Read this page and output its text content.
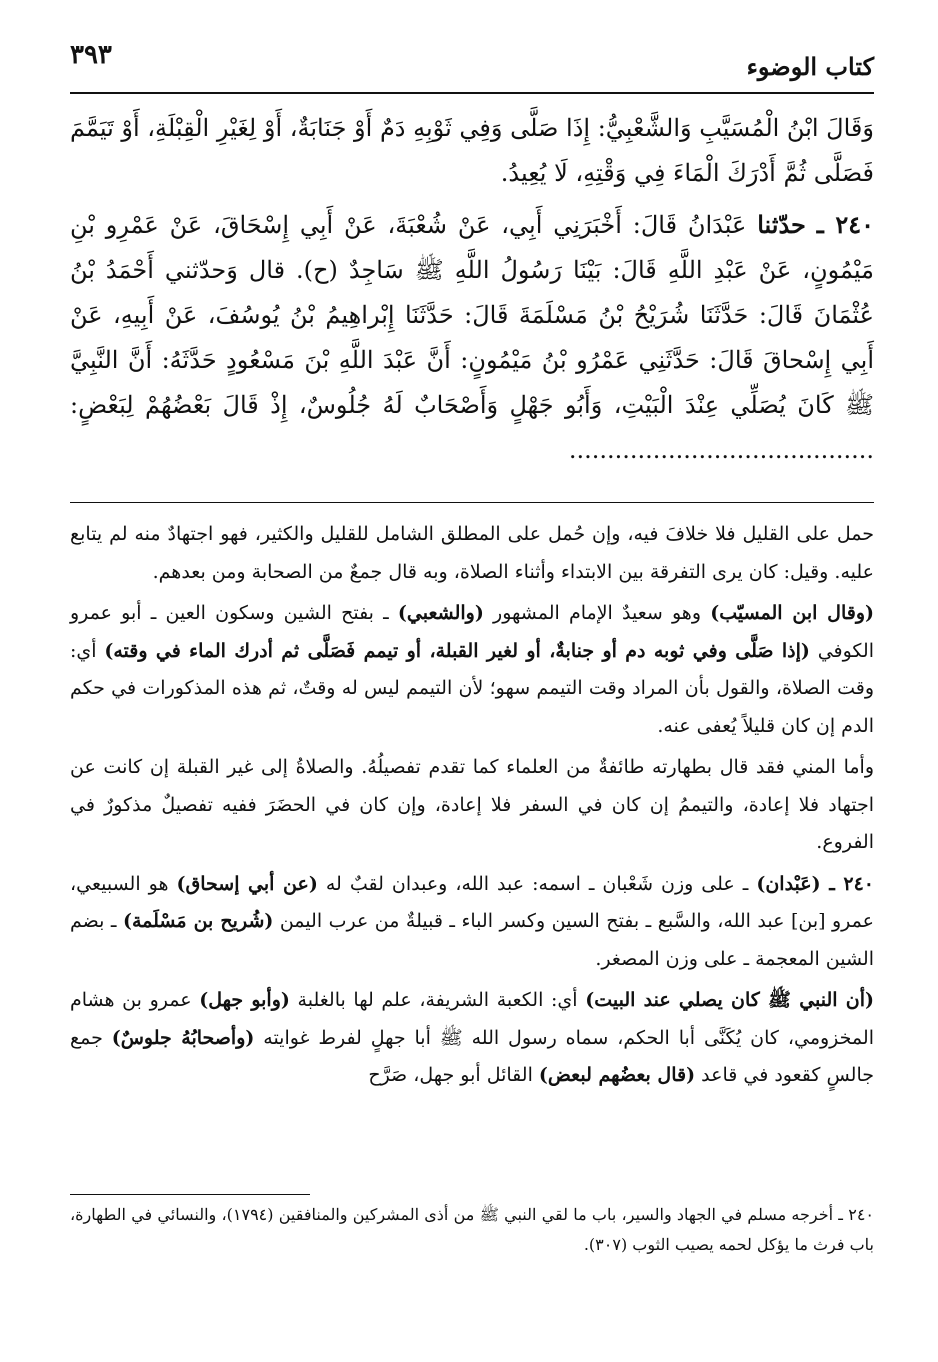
كتاب الوضوء
٣٩٣

وَقَالَ ابْنُ الْمُسَيَّبِ وَالشَّعْبِيُّ: إِذَا صَلَّى وَفِي ثَوْبِهِ دَمٌ أَوْ جَنَابَةٌ، أَوْ لِغَيْرِ الْقِبْلَةِ، أَوْ تَيَمَّمَ فَصَلَّى ثُمَّ أَدْرَكَ الْمَاءَ فِي وَقْتِهِ، لَا يُعِيدُ.

٢٤٠ ـ حدّثنا عَبْدَانُ قَالَ: أَخْبَرَنِي أَبِي، عَنْ شُعْبَةَ، عَنْ أَبِي إِسْحَاقَ، عَنْ عَمْرِو بْنِ مَيْمُونٍ، عَنْ عَبْدِ اللَّهِ قَالَ: بَيْنَا رَسُولُ اللَّهِ ﷺ سَاجِدٌ (ح). قال وَحدّثني أَحْمَدُ بْنُ عُثْمَانَ قَالَ: حَدَّثَنَا شُرَيْحُ بْنُ مَسْلَمَةَ قَالَ: حَدَّثَنَا إِبْراهِيمُ بْنُ يُوسُفَ، عَنْ أَبِيهِ، عَنْ أَبِي إِسْحاقَ قَالَ: حَدَّثَنِي عَمْرُو بْنُ مَيْمُونٍ: أَنَّ عَبْدَ اللَّهِ بْنَ مَسْعُودٍ حَدَّثَهُ: أَنَّ النَّبِيَّ ﷺ كَانَ يُصَلِّي عِنْدَ الْبَيْتِ، وَأَبُو جَهْلٍ وَأَصْحَابٌ لَهُ جُلُوسٌ، إِذْ قَالَ بَعْضُهُمْ لِبَعْضٍ: ........................................

حمل على القليل فلا خلافَ فيه، وإن حُمل على المطلق الشامل للقليل والكثير، فهو اجتهادٌ منه لم يتابع عليه. وقيل: كان يرى التفرقة بين الابتداء وأثناء الصلاة، وبه قال جمعٌ من الصحابة ومن بعدهم.

(وقال ابن المسيّب) وهو سعيدٌ الإمام المشهور (والشعبي) ـ بفتح الشين وسكون العين ـ أبو عمرو الكوفي (إذا صَلَّى وفي ثوبه دم أو جنابةٌ، أو لغير القبلة، أو تيمم فَصَلَّى ثم أدرك الماء في وقته) أي: وقت الصلاة، والقول بأن المراد وقت التيمم سهو؛ لأن التيمم ليس له وقتٌ، ثم هذه المذكورات في حكم الدم إن كان قليلاً يُعفى عنه.

وأما المني فقد قال بطهارته طائفةٌ من العلماء كما تقدم تفصيلُهُ. والصلاةُ إلى غير القبلة إن كانت عن اجتهاد فلا إعادة، والتيممُ إن كان في السفر فلا إعادة، وإن كان في الحضَرَ ففيه تفصيلٌ مذكورٌ في الفروع.

٢٤٠ ـ (عَبْدان) ـ على وزن شَعْبان ـ اسمه: عبد الله، وعبدان لقبٌ له (عن أبي إسحاق) هو السبيعي، عمرو [بن] عبد الله، والسَّبع ـ بفتح السين وكسر الباء ـ قبيلةٌ من عرب اليمن (شُريح بن مَسْلَمة) ـ بضم الشين المعجمة ـ على وزن المصغر.

(أن النبي ﷺ كان يصلي عند البيت) أي: الكعبة الشريفة، علم لها بالغلبة (وأبو جهل) عمرو بن هشام المخزومي، كان يُكَنَّى أبا الحكم، سماه رسول الله ﷺ أبا جهلٍ لفرط غوايته (وأصحابُهُ جلوسٌ) جمع جالسٍ كقعود في قاعد (قال بعضُهم لبعض) القائل أبو جهل، صَرَّح

٢٤٠ ـ أخرجه مسلم في الجهاد والسير، باب ما لقي النبي ﷺ من أذى المشركين والمنافقين (١٧٩٤)، والنسائي في الطهارة، باب فرث ما يؤكل لحمه يصيب الثوب (٣٠٧).
